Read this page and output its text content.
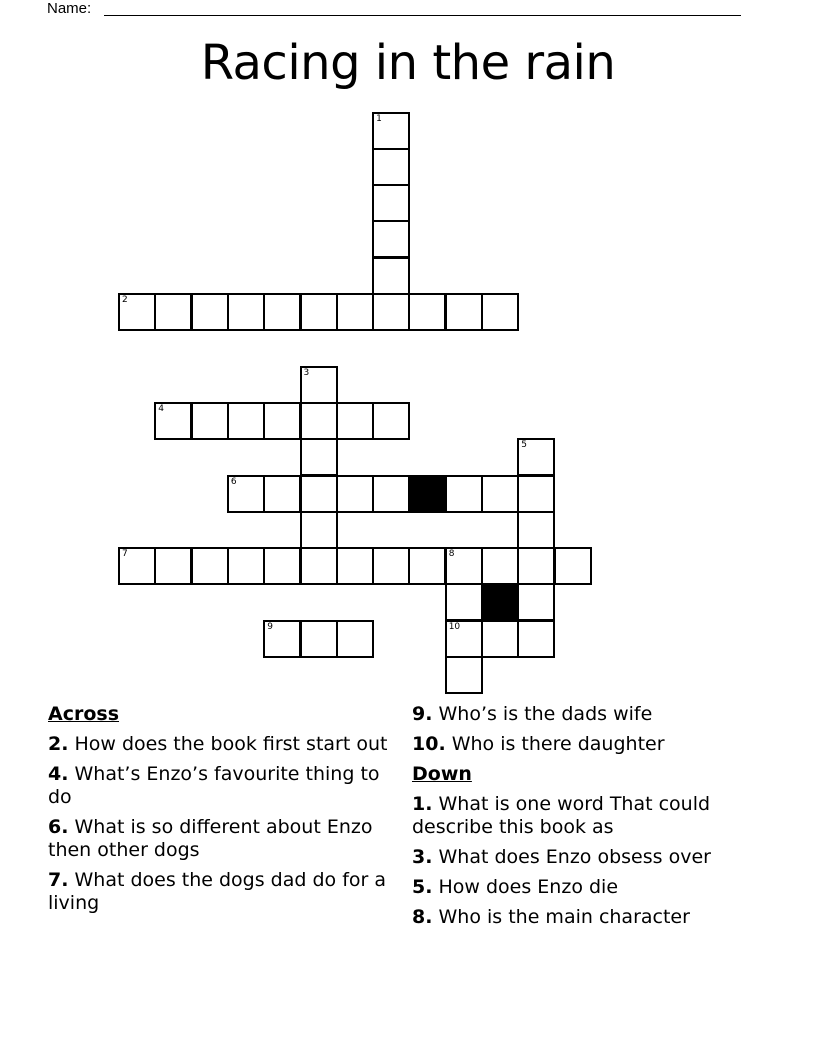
Name:
Racing in the rain
1
2
3
4
5
6
7	8
10
9
Across
2. How does the book first start out
4. What’s Enzo’s favourite thing to do
6. What is so different about Enzo then other dogs
7. What does the dogs dad do for a living
9. Who’s is the dads wife
10. Who is there daughter
Down
1. What is one word That could describe this book as
3. What does Enzo obsess over
5. How does Enzo die
8. Who is the main character
